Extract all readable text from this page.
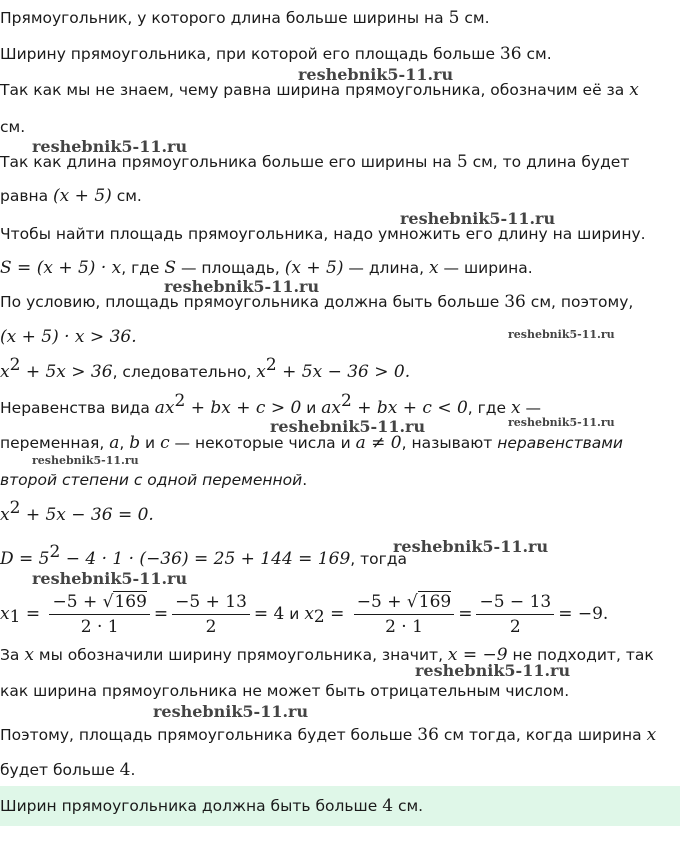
Прямоугольник, у которого длина больше ширины на 5 см.
Ширину прямоугольника, при которой его площадь больше 36 см.
Так как мы не знаем, чему равна ширина прямоугольника, обозначим её за x
см.
Так как длина прямоугольника больше его ширины на 5 см, то длина будет
равна (x + 5) см.
Чтобы найти площадь прямоугольника, надо умножить его длину на ширину.
S = (x + 5) · x, где S — площадь, (x + 5) — длина, x — ширина.
По условию, площадь прямоугольника должна быть больше 36 см, поэтому,
(x + 5) · x > 36.
$x^2 + 5x > 36$, следовательно, $x^2 + 5x - 36 > 0$.
Неравенства вида $ax^2$ + bx + c > 0 и $ax^2$ + bx + c < 0, где x —
переменная, a, b и c — некоторые числа и a ≠ 0, называют неравенствами
второй степени с одной переменной.
$x^2 + 5x - 36 = 0$.
$D = 5^2 - 4 \cdot 1 \cdot (-36) = 25 + 144 = 169$, тогда
$x_1 = \frac{-5 + √169}{2 \cdot 1} = \frac{-5 + 13}{2} = 4$ и $x_2 = \frac{-5 + √169}{2 \cdot 1} = \frac{-5 - 13}{2} = -9$.
За x мы обозначили ширину прямоугольника, значит, x = −9 не подходит, так
как ширина прямоугольника не может быть отрицательным числом.
Поэтому, площадь прямоугольника будет больше 36 см тогда, когда ширина x
будет больше 4.
Ширин прямоугольника должна быть больше 4 см.
reshebnik5-11.ru
reshebnik5-11.ru
reshebnik5-11.ru
reshebnik5-11.ru
reshebnik5-11.ru
reshebnik5-11.ru	reshebnik5-11.ru
reshebnik5-11.ru
reshebnik5-11.ru
reshebnik5-11.ru
reshebnik5-11.ru
reshebnik5-11.ru
